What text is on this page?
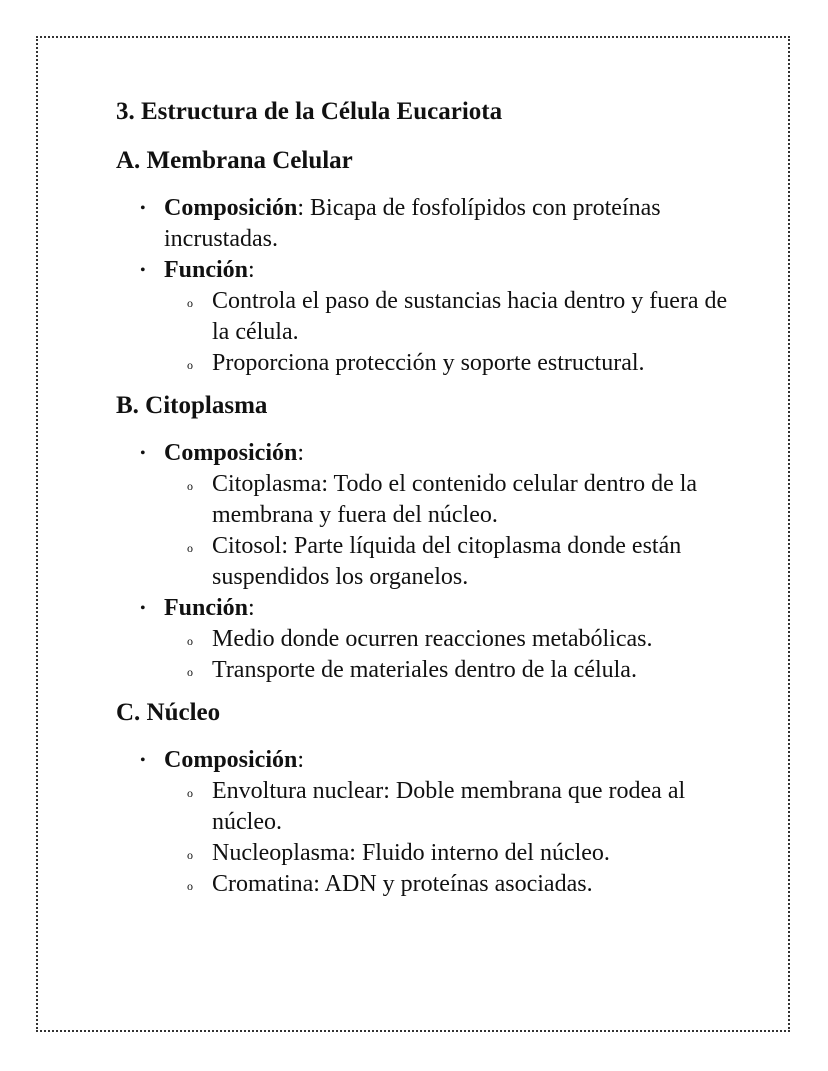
3. Estructura de la Célula Eucariota
A. Membrana Celular
• Composición: Bicapa de fosfolípidos con proteínas incrustadas.
• Función:
o Controla el paso de sustancias hacia dentro y fuera de la célula.
o Proporciona protección y soporte estructural.
B. Citoplasma
• Composición:
o Citoplasma: Todo el contenido celular dentro de la membrana y fuera del núcleo.
o Citosol: Parte líquida del citoplasma donde están suspendidos los organelos.
• Función:
o Medio donde ocurren reacciones metabólicas.
o Transporte de materiales dentro de la célula.
C. Núcleo
• Composición:
o Envoltura nuclear: Doble membrana que rodea al núcleo.
o Nucleoplasma: Fluido interno del núcleo.
o Cromatina: ADN y proteínas asociadas.
